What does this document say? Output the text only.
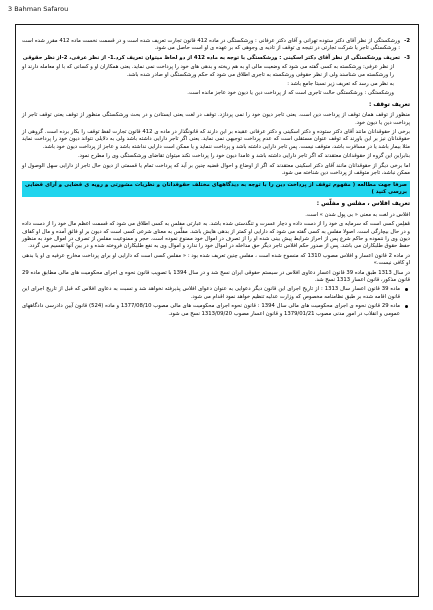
3 Bahman Safarou

2-
ورشکستگی از نظر آقای دکتر ستوده تهرانی و آقای دکتر عرفانی : ورشکستگی در ماده 412 قانون تجارت تعریف شده است و در قسمت نخست ماده 412 مقرر شده است : ورشکستگی تاجر یا شرکت تجارتی در نتیجه ی توقف از تادیه ی وجوهی که بر عهده ی او است حاصل می شود.

3-
تعریف ورشکستگی از نظر آقای دکتر اسکینی : ورشکستگی با توجه به ماده 412 از دو لحاظ میتوان تعریف کرد.1- از نظر عرفی، 2-از نظر حقوقی

از نظر عرفی: ورشکسته به کسی گفته می شود که وضعیت مالی او به هم ریخته و بدهی های خود را پرداخت نمی نماید. یعنی همکاران او و کسانی که با او معامله دارند او را ورشکسته می شناسند ولی از نظر حقوقی ورشکسته به تاجری اطلاق می شود که حکم ورشکستگی او صادر شده باشد.

به نظر می رسد که تعریف زیر نسبتا جامع باشد :

ورشکستگی : ورشکستگی حالت تاجری است که از پرداخت دین یا دیون خود عاجز مانده است.

تعریف توقف :

منظور از توقف همان توقف از پرداخت دین است. یعنی تاجر دیون خود را نمی پردازد. توقف در لغت یعنی ایستادن و در بحث ورشکستگی منظور از توقف یعنی توقف تاجر از پرداخت دین یا دیون خود.

برخی از حقوقدانان مانند آقای دکتر ستوده و دکتر اسکینی و دکتر عرفانی عقیده بر این دارند که قانونگذار در ماده ی 412 قانون تجارت لفظ توقف را بکار برده است. گروهی از حقوقدانان نیز بر این باورند که توقف عنوان مستقلی است که عدم پرداخت توجیهی نمی نماید. یعنی اگر تاجر دارایی داشته باشد ولی به دلایلی نتواند دیون خود را پرداخت نماید مثلا بیمار باشد یا در مسافرت باشد، متوقف نیست. پس تاجر دارایی داشته باشد و پرداخت ننماید و یا ممکن است دارایی نداشته باشد و عاجز از پرداخت دیون خود باشد.

بنابراین این گروه از حقوقدانان معتقدند که اگر تاجر دارایی داشته باشد و عامدا دیون خود را پرداخت نکند میتوان تقاضای ورشکستگی وی را مطرح نمود.

اما برخی دیگر از حقوقدانان مانند آقای دکتر اسکینی معتقدند که اگر از اوضاع و احوال قضیه چنین بر آید که پرداخت تمام یا قسمتی از دیون حال تاجر از دارایی سهل الوصول او ممکن نباشد، تاجر متوقف از پرداخت دین شناخته می شود.

صرفا جهت مطالعه ( مفهوم توقف از پرداخت دین را با توجه به دیدگاههای مختلف حقوقدانان و نظریات مشورتی و رویه ی قضایی و آرای قضایی بررسی کنید )
تعریف افلاس ، مفلس و مفلّس :

افلاس در لغت به معنی « بی پول شدن » است.

مُفلِس کسی است که سرمایه ی خود را از دست داده و دچار عسرت و تنگدستی شده باشد. به عبارتی مفلس به کسی اطلاق می شود که قسمت اعظم مال خود را از دست داده و در حال بیچارگی است. اصولا مفلس به کسی گفته می شود که دارایی او کمتر از بدهی هایش باشد. مفلَّس به معنای شرعی کسی است که دیون بر او فائق آمده و مال او کفاف دیون وی را ننموده و حاکم شرع پس از احراز شرایط پیش بینی شده او را از تصرف در اموال خود ممنوع نموده است. حجر و ممنوعیت مفلس از تصرف در اموال خود به منظور حفظ حقوق طلبکاران می باشد. پس از صدور حکم افلاس تاجر دیگر حق مداخله در اموال خود را ندارد و اموال وی به نفع طلبکاران فروخته شده و در بین آنها تقسیم می گردد.

در ماده 2 قانون اعسار و افلاس مصوب 1310 که منسوخ شده است ، مفلس چنین تعریف شده بود : « مفلس کسی است که دارایی او برای پرداخت مخارج عرفیه ی او یا بدهی او کافی نیست.»

در سال 1313 طبق ماده 39 قانون اعسار دعاوی افلاس در سیستم حقوقی ایران نسخ شد و در سال 1394 با تصویب قانون نحوه ی اجرای محکومیت های مالی مطابق ماده 29 قانون مذکور، قانون اعسار 1313 نسخ شد.

ماده 39 قانون اعسار سال 1313 : از تاریخ اجرای این قانون دیگر دعوایی به عنوان دعوای افلاس پذیرفته نخواهد شد و نسبت به دعاوی افلاس که قبل از تاریخ اجرای این قانون اقامه شده بر طبق نظامنامه مخصوص که وزارت عدلیه تنظیم خواهد نمود اقدام می شود.

ماده 29 قانون نحوه ی اجرای محکومیت های مالی سال 1394 : قانون نحوه اجرای محکومیت های مالی مصوب 1377/08/10 و ماده (524) قانون آیین دادرسی دادگاههای عمومی و انقلاب در امور مدنی مصوب 1379/01/21 و قانون اعسار مصوب 1313/09/20 نسخ می شود.
